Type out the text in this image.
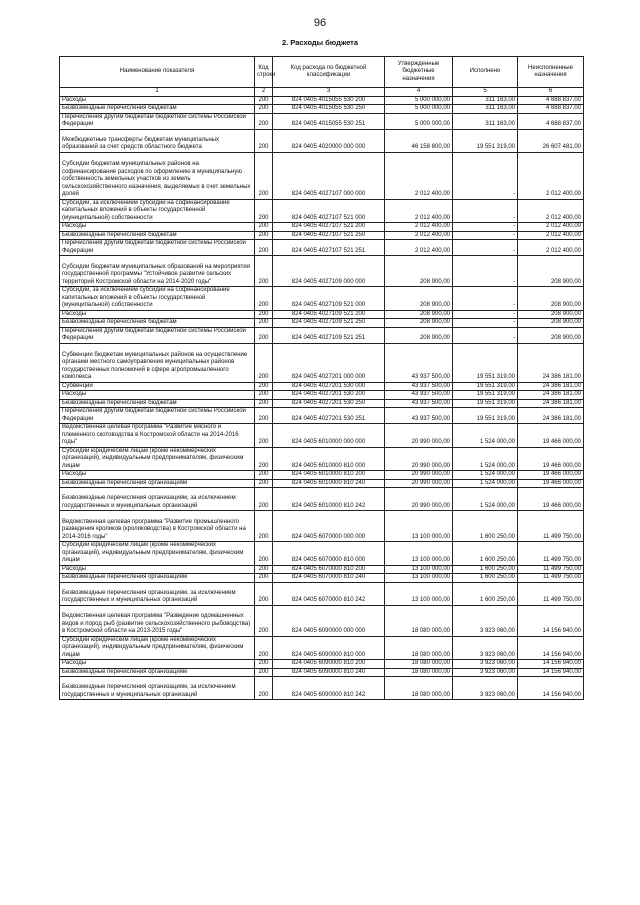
96
2. Расходы бюджета
Наименование показателя	Код строки	Код расхода по бюджетной классификации	Утвержденные бюджетные назначения	Исполнено	Неисполненные назначения
1	2	3	4	5	6
Расходы	200	824 0405 4015055 530 200	5 000 000,00	311 163,00	4 688 837,00
Безвозмездные перечисления бюджетам	200	824 0405 4015055 530 250	5 000 000,00	311 163,00	4 688 837,00
Перечисления другим бюджетам бюджетной системы Российской Федерации	200	824 0405 4015055 530 251	5 000 000,00	311 163,00	4 688 837,00
Межбюджетные трансферты бюджетам муниципальных образований за счет средств областного бюджета	200	824 0405 4020000 000 000	46 158 800,00	19 551 319,00	26 607 481,00
Субсидии бюджетам муниципальных районов на софинансирование расходов по оформлению в муниципальную собственность земельных участков из земель сельскохозяйственного назначения, выделяемых в счет земельных долей	200	824 0405 4027107 000 000	2 012 400,00	-	2 012 400,00
Субсидии, за исключением субсидий на софинансирование капитальных вложений в объекты государственной (муниципальной) собственности	200	824 0405 4027107 521 000	2 012 400,00	-	2 012 400,00
Расходы	200	824 0405 4027107 521 200	2 012 400,00	-	2 012 400,00
Безвозмездные перечисления бюджетам	200	824 0405 4027107 521 250	2 012 400,00	-	2 012 400,00
Перечисления другим бюджетам бюджетной системы Российской Федерации	200	824 0405 4027107 521 251	2 012 400,00	-	2 012 400,00
Субсидии бюджетам муниципальных образований на мероприятия государственной программы "Устойчивое развитие сельских территорий Костромской области на 2014-2020 годы"	200	824 0405 4027109 000 000	208 900,00	-	208 900,00
Субсидии, за исключением субсидий на софинансирование капитальных вложений в объекты государственной (муниципальной) собственности	200	824 0405 4027109 521 000	208 900,00	-	208 900,00
Расходы	200	824 0405 4027109 521 200	208 900,00	-	208 900,00
Безвозмездные перечисления бюджетам	200	824 0405 4027109 521 250	208 900,00	-	208 900,00
Перечисления другим бюджетам бюджетной системы Российской Федерации	200	824 0405 4027109 521 251	208 900,00	-	208 900,00
Субвенции бюджетам муниципальных районов на осуществление органами местного самоуправления муниципальных районов государственных полномочий в сфере агропромышленного комплекса	200	824 0405 4027201 000 000	43 937 500,00	19 551 319,00	24 386 181,00
Субвенции	200	824 0405 4027201 530 000	43 937 500,00	19 551 319,00	24 386 181,00
Расходы	200	824 0405 4027201 530 200	43 937 500,00	19 551 319,00	24 386 181,00
Безвозмездные перечисления бюджетам	200	824 0405 4027201 530 250	43 937 500,00	19 551 319,00	24 386 181,00
Перечисления другим бюджетам бюджетной системы Российской Федерации	200	824 0405 4027201 530 251	43 937 500,00	19 551 319,00	24 386 181,00
Ведомственная целевая программа "Развитие мясного и племенного скотоводства в Костромской области на 2014-2016 годы"	200	824 0405 6010000 000 000	20 990 000,00	1 524 000,00	19 466 000,00
Субсидии юридическим лицам (кроме некоммерческих организаций), индивидуальным предпринимателям, физическим лицам	200	824 0405 6010000 810 000	20 990 000,00	1 524 000,00	19 466 000,00
Расходы	200	824 0405 6010000 810 200	20 990 000,00	1 524 000,00	19 466 000,00
Безвозмездные перечисления организациям	200	824 0405 6010000 810 240	20 990 000,00	1 524 000,00	19 466 000,00
Безвозмездные перечисления организациям, за исключением государственных и муниципальных организаций	200	824 0405 6010000 810 242	20 990 000,00	1 524 000,00	19 466 000,00
Ведомственная целевая программа "Развитие промышленного разведения кроликов (кролиководства) в Костромской области на 2014-2016 годы"	200	824 0405 6070000 000 000	13 100 000,00	1 600 250,00	11 499 750,00
Субсидии юридическим лицам (кроме некоммерческих организаций), индивидуальным предпринимателям, физическим лицам	200	824 0405 6070000 810 000	13 100 000,00	1 600 250,00	11 499 750,00
Расходы	200	824 0405 6070000 810 200	13 100 000,00	1 600 250,00	11 499 750,00
Безвозмездные перечисления организациям	200	824 0405 6070000 810 240	13 100 000,00	1 600 250,00	11 499 750,00
Безвозмездные перечисления организациям, за исключением государственных и муниципальных организаций	200	824 0405 6070000 810 242	13 100 000,00	1 600 250,00	11 499 750,00
Ведомственная целевая программа "Разведение одомашненных видов и пород рыб (развитие сельскохозяйственного рыбоводства) в Костромской области на 2013-2015 годы"	200	824 0405 6090000 000 000	18 080 000,00	3 923 060,00	14 156 940,00
Субсидии юридическим лицам (кроме некоммерческих организаций), индивидуальным предпринимателям, физическим лицам	200	824 0405 6090000 810 000	18 080 000,00	3 923 060,00	14 156 940,00
Расходы	200	824 0405 6090000 810 200	18 080 000,00	3 923 060,00	14 156 940,00
Безвозмездные перечисления организациям	200	824 0405 6090000 810 240	18 080 000,00	3 923 060,00	14 156 940,00
Безвозмездные перечисления организациям, за исключением государственных и муниципальных организаций	200	824 0405 6090000 810 242	18 080 000,00	3 923 060,00	14 156 940,00
